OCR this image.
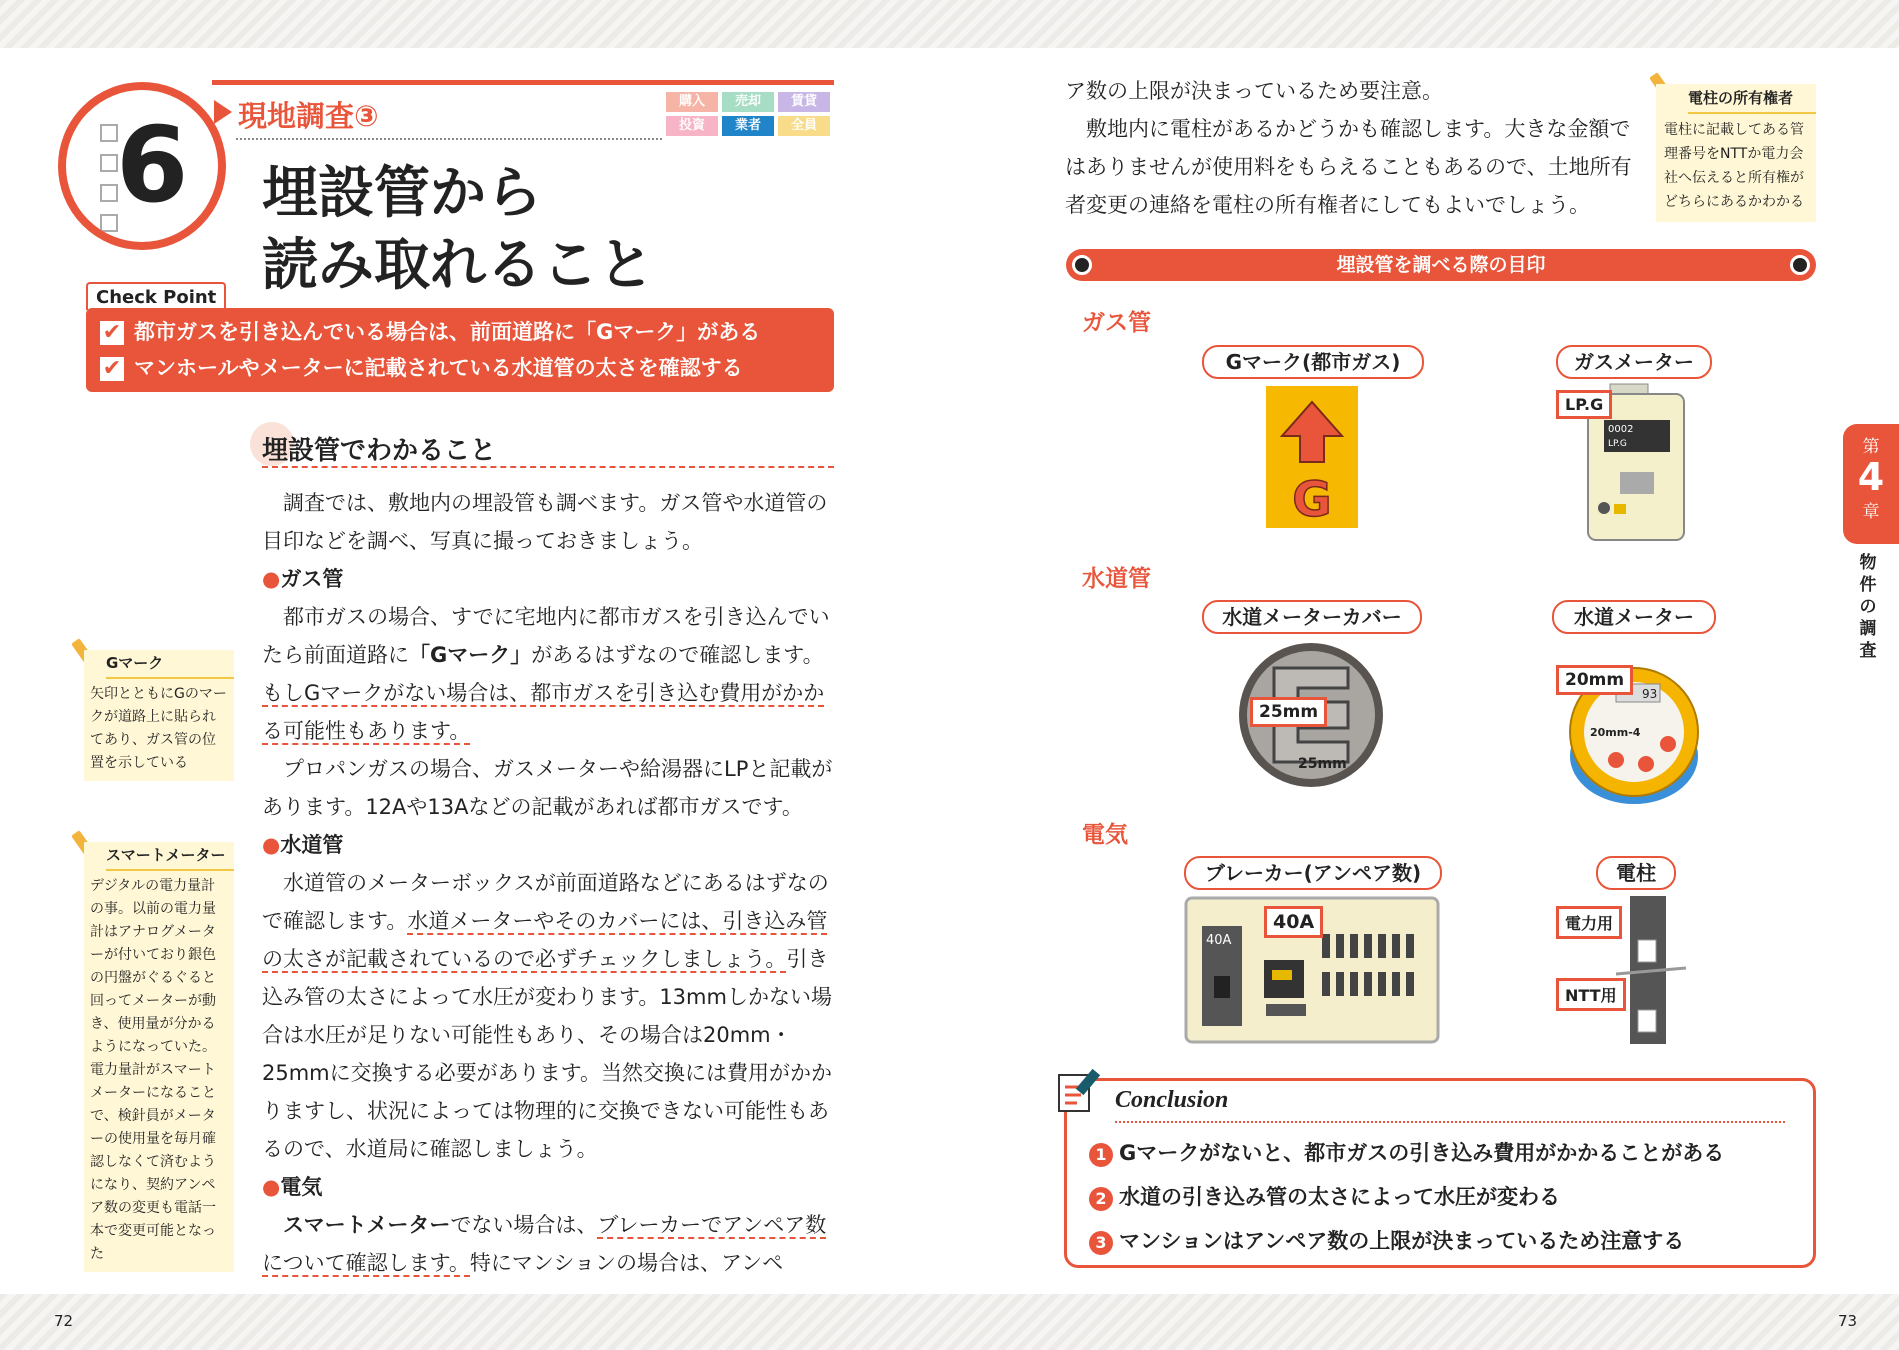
6 現地調査③	購入	売却	賃貸
投資	業者	全員
埋設管から
読み取れること
Check Point
✔ 都市ガスを引き込んでいる場合は、前面道路に「Gマーク」がある
✔ マンホールやメーターに記載されている水道管の太さを確認する
埋設管でわかること

調査では、敷地内の埋設管も調べます。ガス管や水道管の目印などを調べ、写真に撮っておきましょう。

●ガス管

都市ガスの場合、すでに宅地内に都市ガスを引き込んでいたら前面道路に「Gマーク」があるはずなので確認します。もしGマークがない場合は、都市ガスを引き込む費用がかかる可能性もあります。

プロパンガスの場合、ガスメーターや給湯器にLPと記載があります。12Aや13Aなどの記載があれば都市ガスです。

●水道管

水道管のメーターボックスが前面道路などにあるはずなので確認します。水道メーターやそのカバーには、引き込み管の太さが記載されているので必ずチェックしましょう。引き込み管の太さによって水圧が変わります。13mmしかない場合は水圧が足りない可能性もあり、その場合は20mm・25mmに交換する必要があります。当然交換には費用がかかりますし、状況によっては物理的に交換できない可能性もあるので、水道局に確認しましょう。

●電気

スマートメーターでない場合は、ブレーカーでアンペア数について確認します。特にマンションの場合は、アンペ

Gマーク
矢印とともにGのマークが道路上に貼られてあり、ガス管の位置を示している
スマートメーター
デジタルの電力量計の事。以前の電力量計はアナログメーターが付いており銀色の円盤がぐるぐると回ってメーターが動き、使用量が分かるようになっていた。電力量計がスマートメーターになることで、検針員がメーターの使用量を毎月確認しなくて済むようになり、契約アンペア数の変更も電話一本で変更可能となった
72

ア数の上限が決まっているため要注意。

敷地内に電柱があるかどうかも確認します。大きな金額ではありませんが使用料をもらえることもあるので、土地所有者変更の連絡を電柱の所有権者にしてもよいでしょう。

電柱の所有権者
電柱に記載してある管理番号をNTTか電力会社へ伝えると所有権がどちらにあるかわかる
埋設管を調べる際の目印
ガス管
Gマーク(都市ガス)	ガスメーター
G
0002
LP.G
LP.G
水道管
水道メーターカバー	水道メーター
25mm
25mm
93
20mm-4
20mm
電気
ブレーカー(アンペア数)	電柱
40A
40A	電力用
NTT用
第
4
章
物件の調査
Conclusion
1 Gマークがないと、都市ガスの引き込み費用がかかることがある
2 水道の引き込み管の太さによって水圧が変わる
3 マンションはアンペア数の上限が決まっているため注意する
73
